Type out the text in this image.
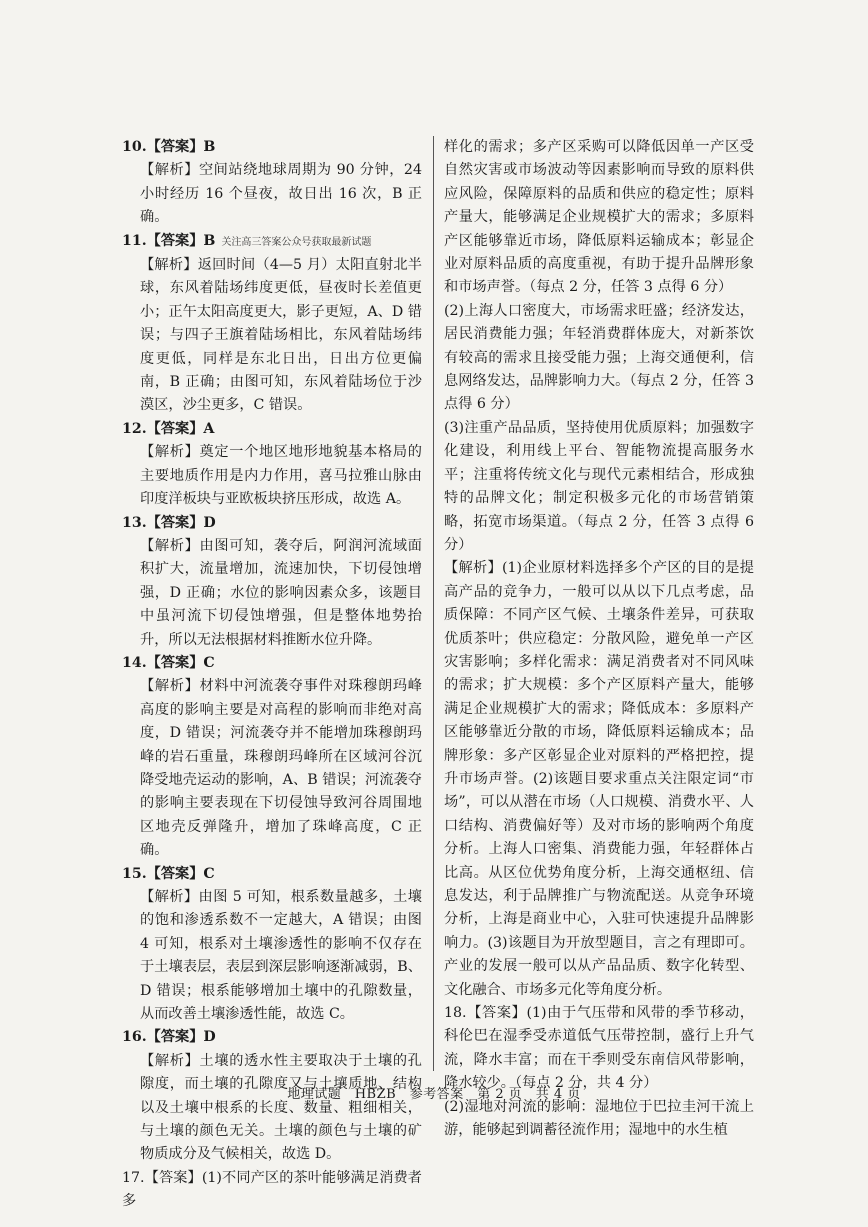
10.【答案】B
【解析】空间站绕地球周期为 90 分钟，24 小时经历 16 个昼夜，故日出 16 次，B 正确。

11.【答案】B 关注高三答案公众号获取最新试题
【解析】返回时间（4—5 月）太阳直射北半球，东风着陆场纬度更低，昼夜时长差值更小；正午太阳高度更大，影子更短，A、D 错误；与四子王旗着陆场相比，东风着陆场纬度更低，同样是东北日出，日出方位更偏南，B 正确；由图可知，东风着陆场位于沙漠区，沙尘更多，C 错误。

12.【答案】A
【解析】奠定一个地区地形地貌基本格局的主要地质作用是内力作用，喜马拉雅山脉由印度洋板块与亚欧板块挤压形成，故选 A。

13.【答案】D
【解析】由图可知，袭夺后，阿润河流域面积扩大，流量增加，流速加快，下切侵蚀增强，D 正确；水位的影响因素众多，该题目中虽河流下切侵蚀增强，但是整体地势抬升，所以无法根据材料推断水位升降。

14.【答案】C
【解析】材料中河流袭夺事件对珠穆朗玛峰高度的影响主要是对高程的影响而非绝对高度，D 错误；河流袭夺并不能增加珠穆朗玛峰的岩石重量，珠穆朗玛峰所在区域河谷沉降受地壳运动的影响，A、B 错误；河流袭夺的影响主要表现在下切侵蚀导致河谷周围地区地壳反弹隆升，增加了珠峰高度，C 正确。

15.【答案】C
【解析】由图 5 可知，根系数量越多，土壤的饱和渗透系数不一定越大，A 错误；由图 4 可知，根系对土壤渗透性的影响不仅存在于土壤表层，表层到深层影响逐渐减弱，B、D 错误；根系能够增加土壤中的孔隙数量，从而改善土壤渗透性能，故选 C。

16.【答案】D
【解析】土壤的透水性主要取决于土壤的孔隙度，而土壤的孔隙度又与土壤质地、结构以及土壤中根系的长度、数量、粗细相关，与土壤的颜色无关。土壤的颜色与土壤的矿物质成分及气候相关，故选 D。

17.【答案】(1)不同产区的茶叶能够满足消费者多

样化的需求；多产区采购可以降低因单一产区受自然灾害或市场波动等因素影响而导致的原料供应风险，保障原料的品质和供应的稳定性；原料产量大，能够满足企业规模扩大的需求；多原料产区能够靠近市场，降低原料运输成本；彰显企业对原料品质的高度重视，有助于提升品牌形象和市场声誉。（每点 2 分，任答 3 点得 6 分）
(2)上海人口密度大，市场需求旺盛；经济发达，居民消费能力强；年轻消费群体庞大，对新茶饮有较高的需求且接受能力强；上海交通便利，信息网络发达，品牌影响力大。（每点 2 分，任答 3 点得 6 分）
(3)注重产品品质，坚持使用优质原料；加强数字化建设，利用线上平台、智能物流提高服务水平；注重将传统文化与现代元素相结合，形成独特的品牌文化；制定积极多元化的市场营销策略，拓宽市场渠道。（每点 2 分，任答 3 点得 6 分）
【解析】(1)企业原材料选择多个产区的目的是提高产品的竞争力，一般可以从以下几点考虑，品质保障：不同产区气候、土壤条件差异，可获取优质茶叶；供应稳定：分散风险，避免单一产区灾害影响；多样化需求：满足消费者对不同风味的需求；扩大规模：多个产区原料产量大，能够满足企业规模扩大的需求；降低成本：多原料产区能够靠近分散的市场，降低原料运输成本；品牌形象：多产区彰显企业对原料的严格把控，提升市场声誉。(2)该题目要求重点关注限定词“市场”，可以从潜在市场（人口规模、消费水平、人口结构、消费偏好等）及对市场的影响两个角度分析。上海人口密集、消费能力强，年轻群体占比高。从区位优势角度分析，上海交通枢纽、信息发达，利于品牌推广与物流配送。从竞争环境分析，上海是商业中心，入驻可快速提升品牌影响力。(3)该题目为开放型题目，言之有理即可。产业的发展一般可以从产品品质、数字化转型、文化融合、市场多元化等角度分析。
18.【答案】(1)由于气压带和风带的季节移动，科伦巴在湿季受赤道低气压带控制，盛行上升气流，降水丰富；而在干季则受东南信风带影响，降水较少。（每点 2 分，共 4 分）
(2)湿地对河流的影响：湿地位于巴拉圭河干流上游，能够起到调蓄径流作用；湿地中的水生植
地理试题　HBZB　参考答案　第 2 页　共 4 页
